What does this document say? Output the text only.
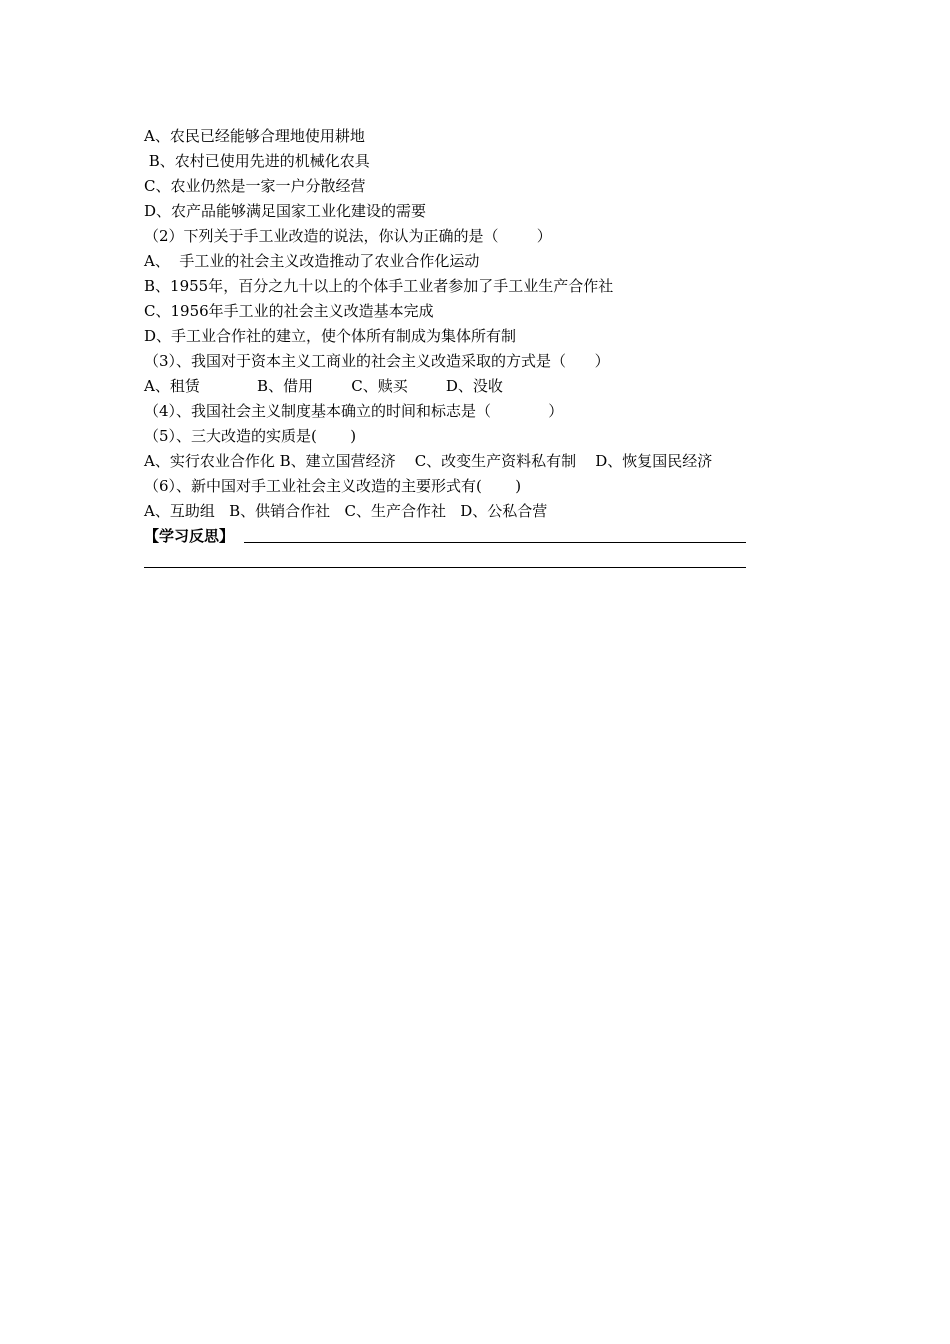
A、农民已经能够合理地使用耕地
B、农村已使用先进的机械化农具
C、农业仍然是一家一户分散经营
D、农产品能够满足国家工业化建设的需要
（2）下列关于手工业改造的说法，你认为正确的是（        ）
A、  手工业的社会主义改造推动了农业合作化运动
B、1955年，百分之九十以上的个体手工业者参加了手工业生产合作社
C、1956年手工业的社会主义改造基本完成
D、手工业合作社的建立，使个体所有制成为集体所有制
（3）、我国对于资本主义工商业的社会主义改造采取的方式是（      ）
A、租赁            B、借用        C、赎买        D、没收
（4）、我国社会主义制度基本确立的时间和标志是（            ）
（5）、三大改造的实质是(       )
A、实行农业合作化 B、建立国营经济    C、改变生产资料私有制    D、恢复国民经济
（6）、新中国对手工业社会主义改造的主要形式有(       )
A、互助组   B、供销合作社   C、生产合作社   D、公私合营
【学习反思】
